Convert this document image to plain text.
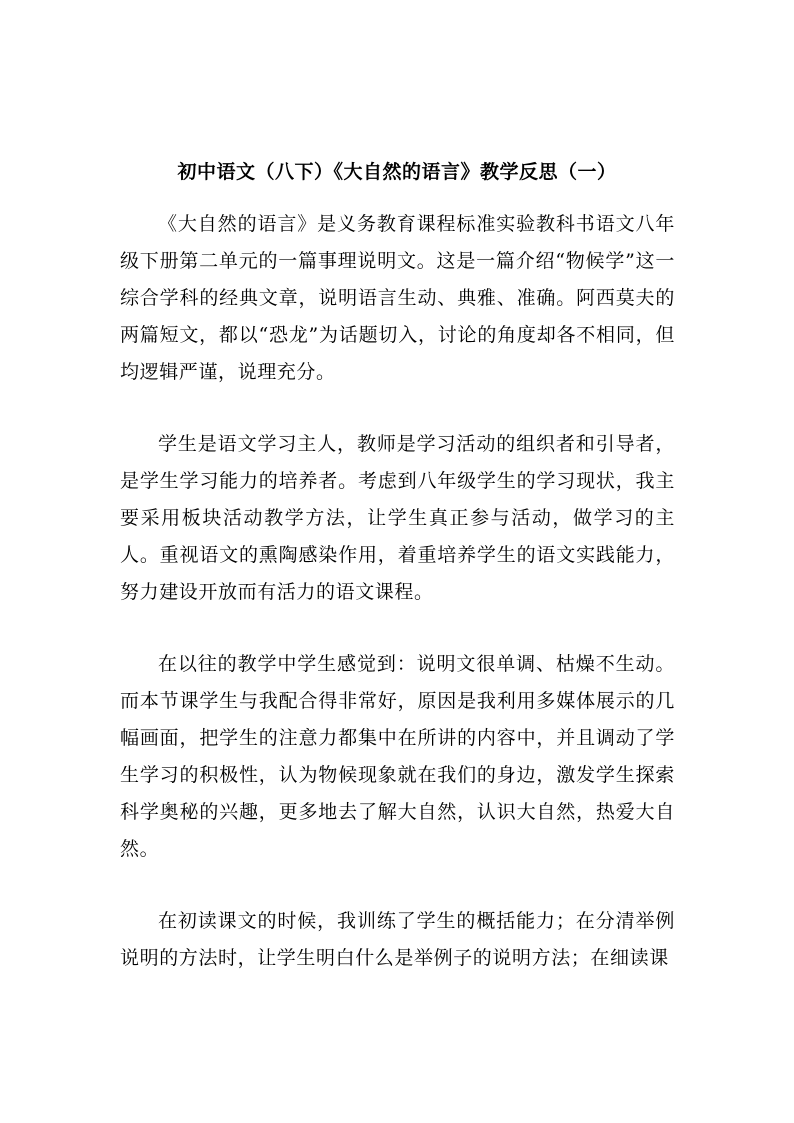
初中语文（八下）《大自然的语言》教学反思（一）

《大自然的语言》是义务教育课程标准实验教科书语文八年级下册第二单元的一篇事理说明文。这是一篇介绍“物候学”这一综合学科的经典文章，说明语言生动、典雅、准确。阿西莫夫的两篇短文，都以“恐龙”为话题切入，讨论的角度却各不相同，但均逻辑严谨，说理充分。

学生是语文学习主人，教师是学习活动的组织者和引导者，是学生学习能力的培养者。考虑到八年级学生的学习现状，我主要采用板块活动教学方法，让学生真正参与活动，做学习的主人。重视语文的熏陶感染作用，着重培养学生的语文实践能力，努力建设开放而有活力的语文课程。

在以往的教学中学生感觉到：说明文很单调、枯燥不生动。而本节课学生与我配合得非常好，原因是我利用多媒体展示的几幅画面，把学生的注意力都集中在所讲的内容中，并且调动了学生学习的积极性，认为物候现象就在我们的身边，激发学生探索科学奥秘的兴趣，更多地去了解大自然，认识大自然，热爱大自然。

在初读课文的时候，我训练了学生的概括能力；在分清举例说明的方法时，让学生明白什么是举例子的说明方法；在细读课
